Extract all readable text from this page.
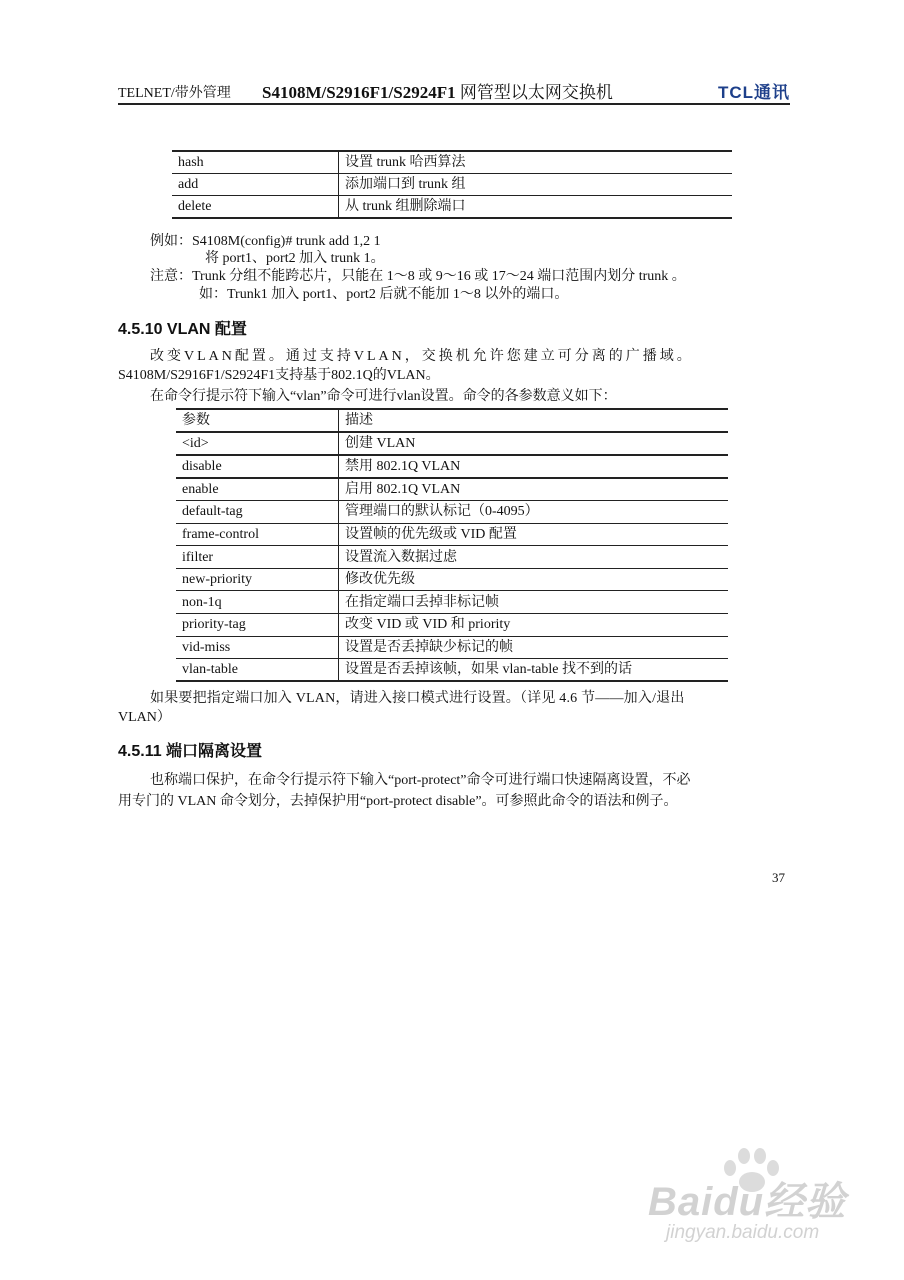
TELNET/带外管理 S4108M/S2916F1/S2924F1 网管型以太网交换机	TCL通讯
hash	设置 trunk 哈西算法
add	添加端口到 trunk 组
delete	从 trunk 组删除端口
例如：S4108M(config)# trunk add 1,2 1
将 port1、port2 加入 trunk 1。
注意：Trunk 分组不能跨芯片，只能在 1～8 或 9～16 或 17～24 端口范围内划分 trunk 。
如：Trunk1 加入 port1、port2 后就不能加 1～8 以外的端口。
4.5.10 VLAN 配置
改变VLAN配置。通过支持VLAN，交换机允许您建立可分离的广播域。
S4108M/S2916F1/S2924F1支持基于802.1Q的VLAN。
在命令行提示符下输入“vlan”命令可进行vlan设置。命令的各参数意义如下：
参数	描述
<id>	创建 VLAN
disable	禁用 802.1Q VLAN
enable	启用 802.1Q VLAN
default-tag	管理端口的默认标记（0-4095）
frame-control	设置帧的优先级或 VID 配置
ifilter	设置流入数据过虑
new-priority	修改优先级
non-1q	在指定端口丢掉非标记帧
priority-tag	改变 VID 或 VID 和 priority
vid-miss	设置是否丢掉缺少标记的帧
vlan-table	设置是否丢掉该帧，如果 vlan-table 找不到的话
如果要把指定端口加入 VLAN，请进入接口模式进行设置。（详见 4.6 节——加入/退出
VLAN）
4.5.11 端口隔离设置
也称端口保护，在命令行提示符下输入“port-protect”命令可进行端口快速隔离设置，不必
用专门的 VLAN 命令划分，去掉保护用“port-protect disable”。可参照此命令的语法和例子。
37
Baidu经验
jingyan.baidu.com
